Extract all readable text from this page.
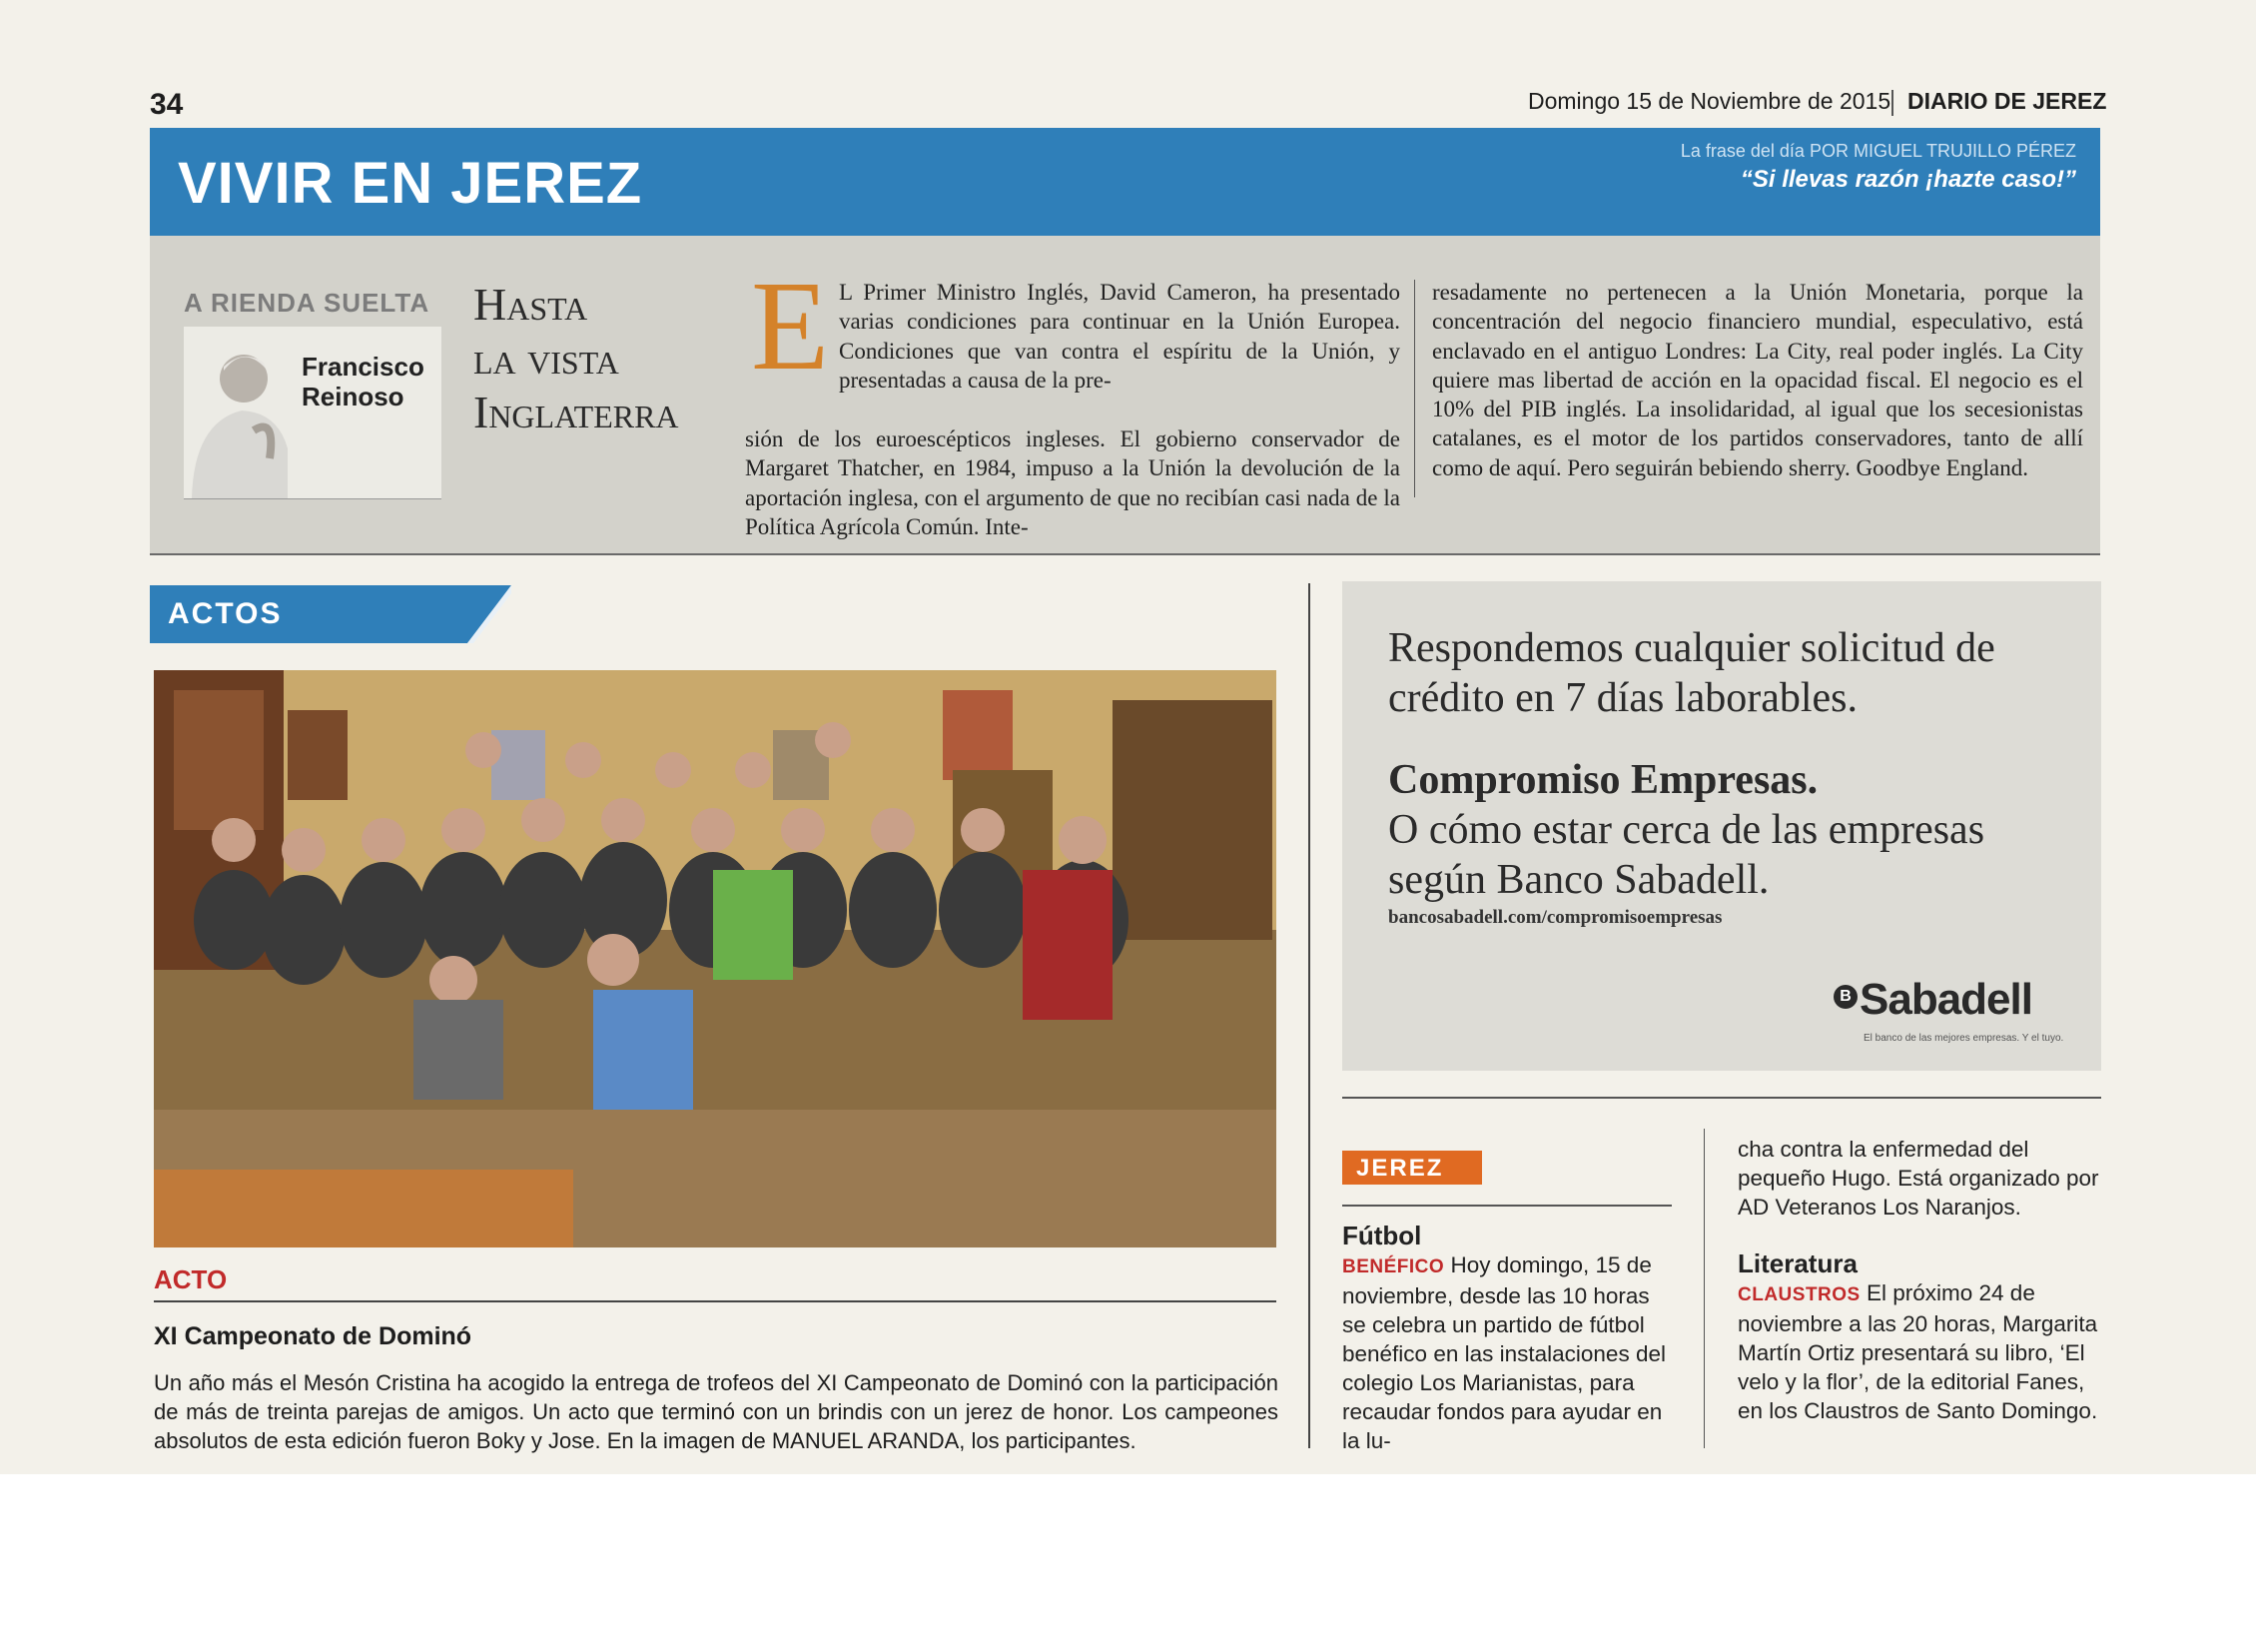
34	Domingo 15 de Noviembre de 2015 DIARIO DE JEREZ
VIVIR EN JEREZ	La frase del día POR MIGUEL TRUJILLO PÉREZ
“Si llevas razón ¡hazte caso!”
A RIENDA SUELTA
Francisco
Reinoso
Hasta
la vista
Inglaterra
E L Primer Ministro Inglés, David Cameron, ha presentado varias condiciones para continuar en la Unión Europea. Condiciones que van contra el espíritu de la Unión, y presentadas a causa de la pre-
sión de los euroescépticos ingleses. El gobierno conservador de Margaret Thatcher, en 1984, impuso a la Unión la devolución de la aportación inglesa, con el argumento de que no recibían casi nada de la Política Agrícola Común. Inte-
resadamente no pertenecen a la Unión Monetaria, porque la concentración del negocio financiero mundial, especulativo, está enclavado en el antiguo Londres: La City, real poder inglés. La City quiere mas libertad de acción en la opacidad fiscal. El negocio es el 10% del PIB inglés. La insolidaridad, al igual que los secesionistas catalanes, es el motor de los partidos conservadores, tanto de allí como de aquí. Pero seguirán bebiendo sherry. Goodbye England.
ACTOS
ACTO
XI Campeonato de Dominó
Un año más el Mesón Cristina ha acogido la entrega de trofeos del XI Campeonato de Dominó con la participación de más de treinta parejas de amigos. Un acto que terminó con un brindis con un jerez de honor. Los campeones absolutos de esta edición fueron Boky y Jose. En la imagen de MANUEL ARANDA, los participantes.
Respondemos cualquier solicitud de crédito en 7 días laborables.
Compromiso Empresas.
O cómo estar cerca de las empresas según Banco Sabadell.
bancosabadell.com/compromisoempresas
B Sabadell
El banco de las mejores empresas. Y el tuyo.
JEREZ
Fútbol
BENÉFICO Hoy domingo, 15 de noviembre, desde las 10 horas se celebra un partido de fútbol benéfico en las instalaciones del colegio Los Marianistas, para recaudar fondos para ayudar en la lu-
cha contra la enfermedad del pequeño Hugo. Está organizado por AD Veteranos Los Naranjos.
Literatura
CLAUSTROS El próximo 24 de noviembre a las 20 horas, Margarita Martín Ortiz presentará su libro, ‘El velo y la flor’, de la editorial Fanes, en los Claustros de Santo Domingo.
